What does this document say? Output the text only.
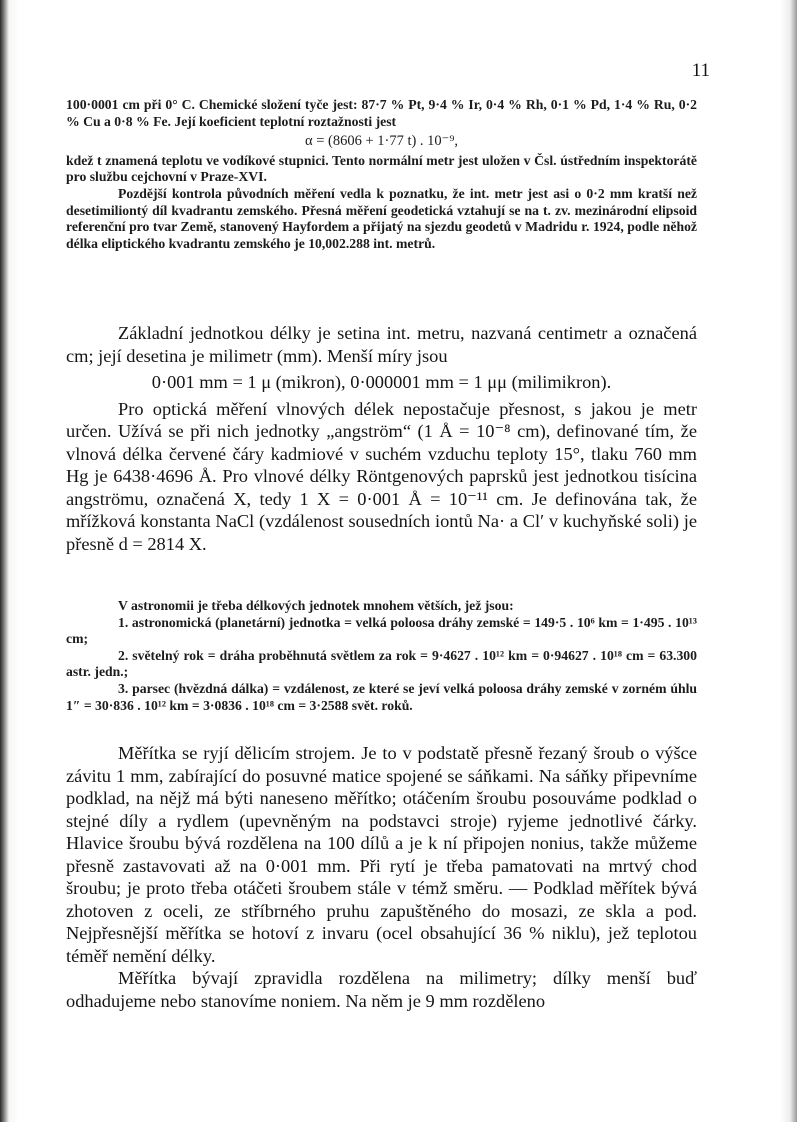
11

100·0001 cm při 0° C. Chemické složení tyče jest: 87·7 % Pt, 9·4 % Ir, 0·4 % Rh, 0·1 % Pd, 1·4 % Ru, 0·2 % Cu a 0·8 % Fe. Její koeficient teplotní roztažnosti jest

α = (8606 + 1·77 t) . 10⁻⁹,

kdež t znamená teplotu ve vodíkové stupnici. Tento normální metr jest uložen v Čsl. ústředním inspektorátě pro službu cejchovní v Praze-XVI.

Pozdější kontrola původních měření vedla k poznatku, že int. metr jest asi o 0·2 mm kratší než desetimiliontý díl kvadrantu zemského. Přesná měření geodetická vztahují se na t. zv. mezinárodní elipsoid referenční pro tvar Země, stanovený Hayfordem a přijatý na sjezdu geodetů v Madridu r. 1924, podle něhož délka eliptického kvadrantu zemského je 10,002.288 int. metrů.

Základní jednotkou délky je setina int. metru, nazvaná centimetr a označená cm; její desetina je milimetr (mm). Menší míry jsou

0·001 mm = 1 μ (mikron), 0·000001 mm = 1 μμ (milimikron).

Pro optická měření vlnových délek nepostačuje přesnost, s jakou je metr určen. Užívá se při nich jednotky „angström“ (1 Å = 10⁻⁸ cm), definované tím, že vlnová délka červené čáry kadmiové v suchém vzduchu teploty 15°, tlaku 760 mm Hg je 6438·4696 Å. Pro vlnové délky Röntgenových paprsků jest jednotkou tisícina angströmu, označená X, tedy 1 X = 0·001 Å = 10⁻¹¹ cm. Je definována tak, že mřížková konstanta NaCl (vzdálenost sousedních iontů Na· a Cl′ v kuchyňské soli) je přesně d = 2814 X.

V astronomii je třeba délkových jednotek mnohem větších, jež jsou:

1. astronomická (planetární) jednotka = velká poloosa dráhy zemské = 149·5 . 10⁶ km = 1·495 . 10¹³ cm;

2. světelný rok = dráha proběhnutá světlem za rok = 9·4627 . 10¹² km = 0·94627 . 10¹⁸ cm = 63.300 astr. jedn.;

3. parsec (hvězdná dálka) = vzdálenost, ze které se jeví velká poloosa dráhy zemské v zorném úhlu 1″ = 30·836 . 10¹² km = 3·0836 . 10¹⁸ cm = 3·2588 svět. roků.

Měřítka se ryjí dělicím strojem. Je to v podstatě přesně řezaný šroub o výšce závitu 1 mm, zabírající do posuvné matice spojené se sáňkami. Na sáňky připevníme podklad, na nějž má býti naneseno měřítko; otáčením šroubu posouváme podklad o stejné díly a rydlem (upevněným na podstavci stroje) ryjeme jednotlivé čárky. Hlavice šroubu bývá rozdělena na 100 dílů a je k ní připojen nonius, takže můžeme přesně zastavovati až na 0·001 mm. Při rytí je třeba pamatovati na mrtvý chod šroubu; je proto třeba otáčeti šroubem stále v témž směru. — Podklad měřítek bývá zhotoven z oceli, ze stříbrného pruhu zapuštěného do mosazi, ze skla a pod. Nejpřesnější měřítka se hotoví z invaru (ocel obsahující 36 % niklu), jež teplotou téměř nemění délky.

Měřítka bývají zpravidla rozdělena na milimetry; dílky menší buď odhadujeme nebo stanovíme noniem. Na něm je 9 mm rozděleno
